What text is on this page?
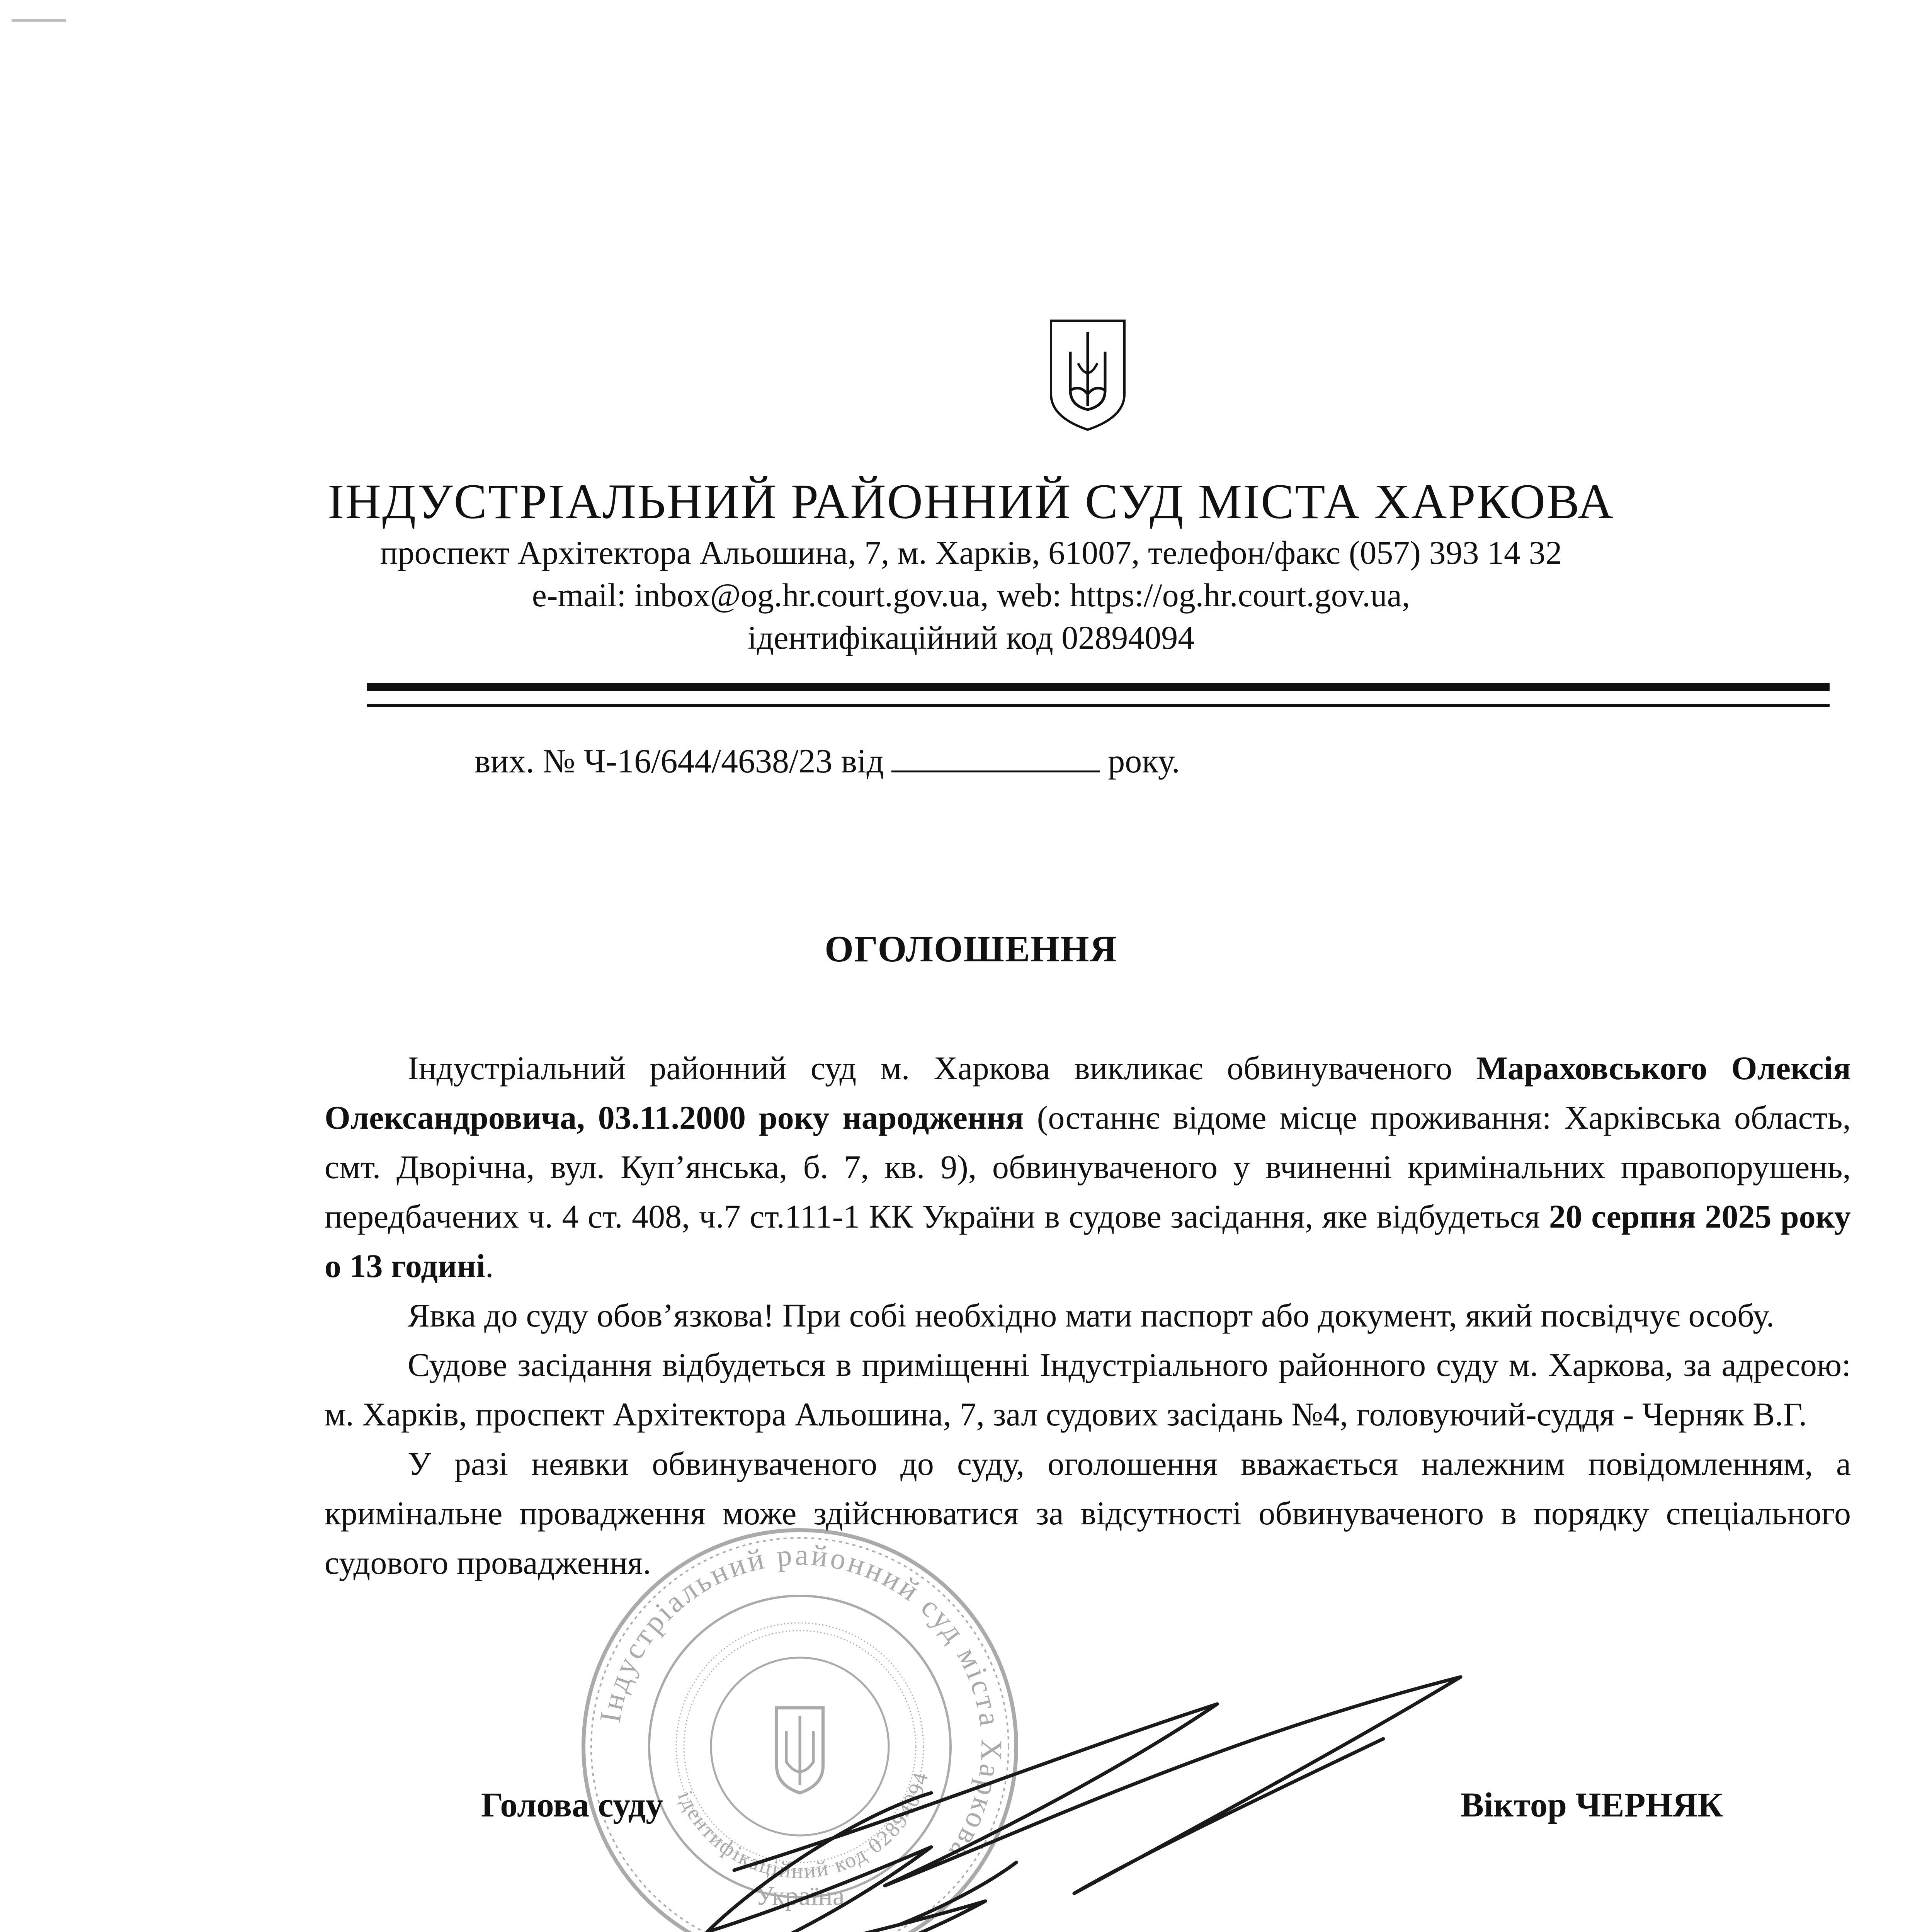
ІНДУСТРІАЛЬНИЙ РАЙОННИЙ СУД МІСТА ХАРКОВА
проспект Архітектора Альошина, 7, м. Харків, 61007, телефон/факс (057) 393 14 32
e-mail: inbox@og.hr.court.gov.ua, web: https://og.hr.court.gov.ua,
ідентифікаційний код 02894094
вих. № Ч-16/644/4638/23 від	року.
ОГОЛОШЕННЯ

Індустріальний районний суд м. Харкова викликає обвинуваченого Мараховського Олексія Олександровича, 03.11.2000 року народження (останнє відоме місце проживання: Харківська область, смт. Дворічна, вул. Куп’янська, б. 7, кв. 9), обвинуваченого у вчиненні кримінальних правопорушень, передбачених ч. 4 ст. 408, ч.7 ст.111-1 КК України в судове засідання, яке відбудеться 20 серпня 2025 року о 13 годині.

Явка до суду обов’язкова! При собі необхідно мати паспорт або документ, який посвідчує особу.

Судове засідання відбудеться в приміщенні Індустріального районного суду м. Харкова, за адресою: м. Харків, проспект Архітектора Альошина, 7, зал судових засідань №4, головуючий-суддя - Черняк В.Г.

У разі неявки обвинуваченого до суду, оголошення вважається належним повідомленням, а кримінальне провадження може здійснюватися за відсутності обвинуваченого в порядку спеціального судового провадження.

Індустріальний районний суд міста Харкова
ідентифікаційний код 02894094
Україна
Голова суду	Віктор ЧЕРНЯК
